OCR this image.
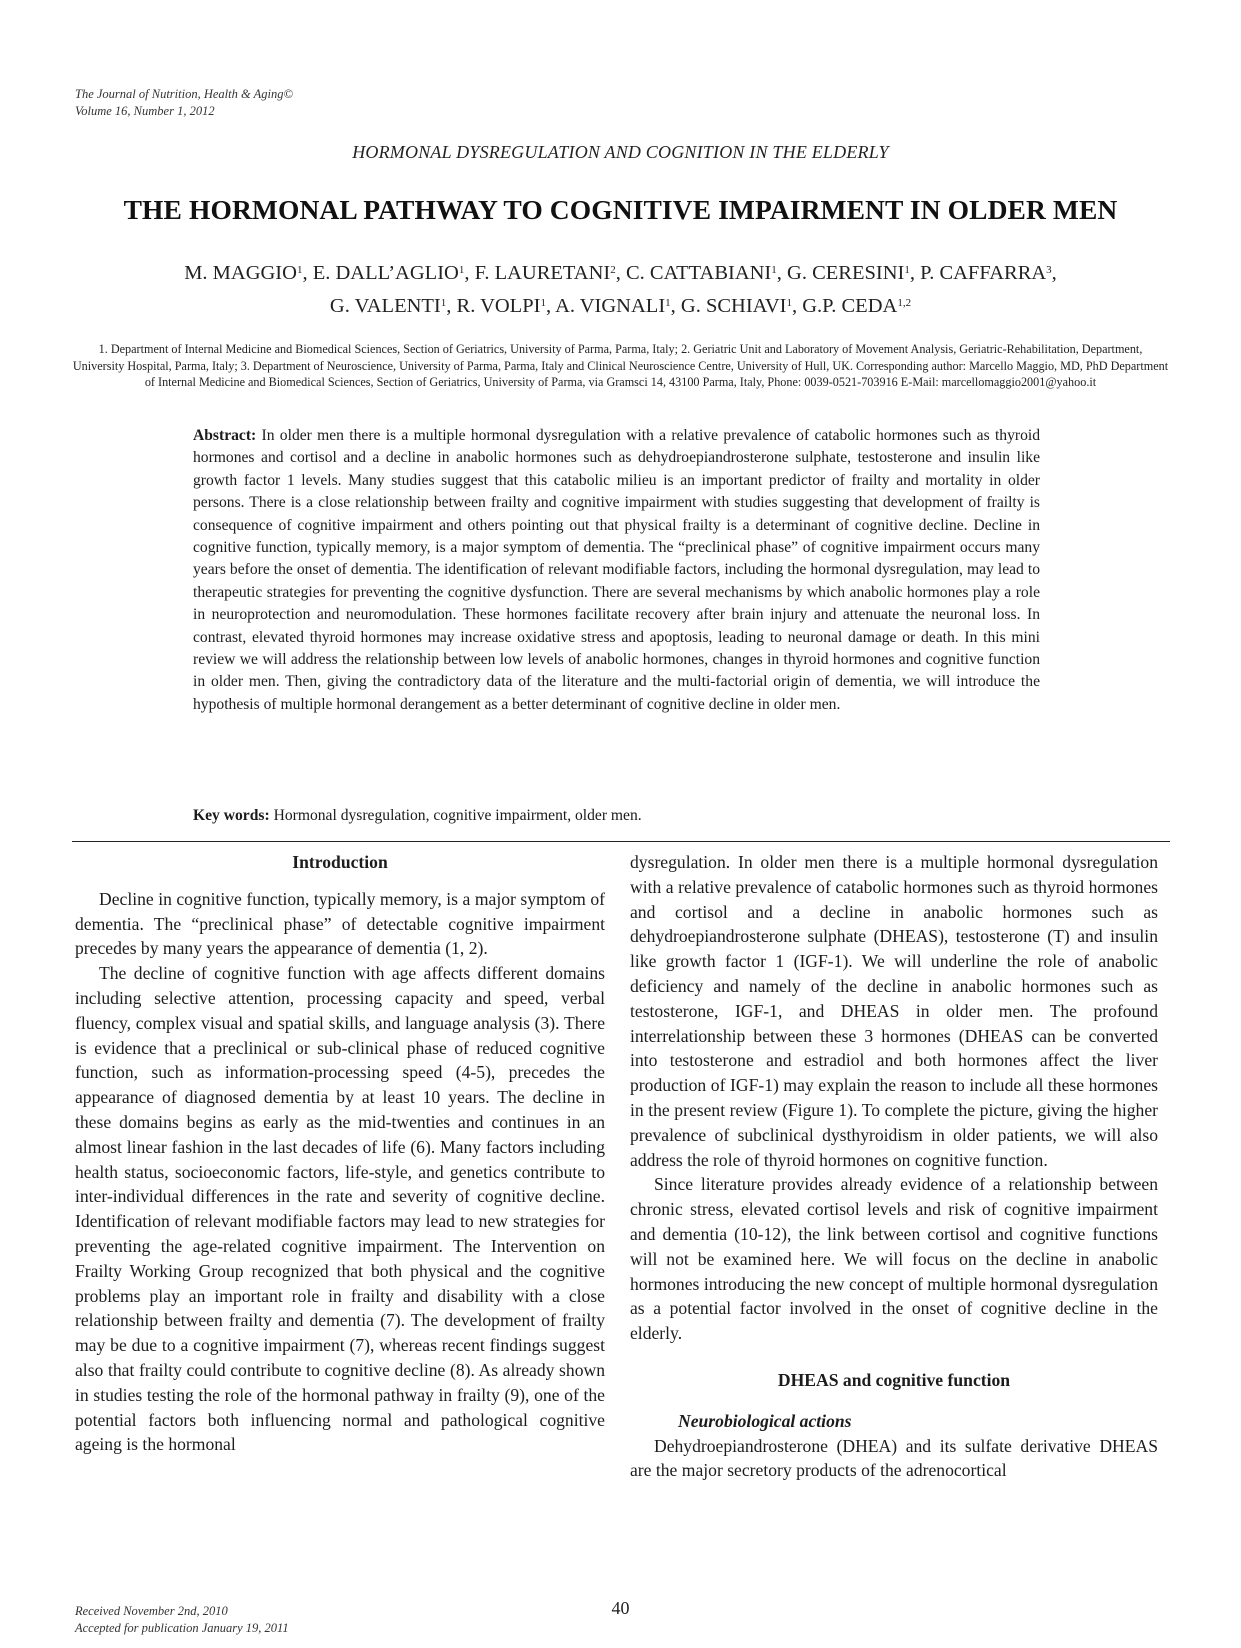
The Journal of Nutrition, Health & Aging©
Volume 16, Number 1, 2012
HORMONAL DYSREGULATION AND COGNITION IN THE ELDERLY
THE HORMONAL PATHWAY TO COGNITIVE IMPAIRMENT IN OLDER MEN
M. MAGGIO$^1$, E. DALL’AGLIO$^1$, F. LAURETANI$^2$, C. CATTABIANI$^1$, G. CERESINI$^1$, P. CAFFARRA$^3$,
G. VALENTI$^1$, R. VOLPI$^1$, A. VIGNALI$^1$, G. SCHIAVI$^1$, G.P. CEDA$^{1,2}$
1. Department of Internal Medicine and Biomedical Sciences, Section of Geriatrics, University of Parma, Parma, Italy; 2. Geriatric Unit and Laboratory of Movement Analysis, Geriatric-Rehabilitation, Department, University Hospital, Parma, Italy; 3. Department of Neuroscience, University of Parma, Parma, Italy and Clinical Neuroscience Centre, University of Hull, UK. Corresponding author: Marcello Maggio, MD, PhD Department of Internal Medicine and Biomedical Sciences, Section of Geriatrics, University of Parma, via Gramsci 14, 43100 Parma, Italy, Phone: 0039-0521-703916 E-Mail: marcellomaggio2001@yahoo.it
Abstract: In older men there is a multiple hormonal dysregulation with a relative prevalence of catabolic hormones such as thyroid hormones and cortisol and a decline in anabolic hormones such as dehydroepiandrosterone sulphate, testosterone and insulin like growth factor 1 levels. Many studies suggest that this catabolic milieu is an important predictor of frailty and mortality in older persons. There is a close relationship between frailty and cognitive impairment with studies suggesting that development of frailty is consequence of cognitive impairment and others pointing out that physical frailty is a determinant of cognitive decline. Decline in cognitive function, typically memory, is a major symptom of dementia. The “preclinical phase” of cognitive impairment occurs many years before the onset of dementia. The identification of relevant modifiable factors, including the hormonal dysregulation, may lead to therapeutic strategies for preventing the cognitive dysfunction. There are several mechanisms by which anabolic hormones play a role in neuroprotection and neuromodulation. These hormones facilitate recovery after brain injury and attenuate the neuronal loss. In contrast, elevated thyroid hormones may increase oxidative stress and apoptosis, leading to neuronal damage or death. In this mini review we will address the relationship between low levels of anabolic hormones, changes in thyroid hormones and cognitive function in older men. Then, giving the contradictory data of the literature and the multi-factorial origin of dementia, we will introduce the hypothesis of multiple hormonal derangement as a better determinant of cognitive decline in older men.
Key words: Hormonal dysregulation, cognitive impairment, older men.
Introduction

Decline in cognitive function, typically memory, is a major symptom of dementia. The “preclinical phase” of detectable cognitive impairment precedes by many years the appearance of dementia (1, 2).

The decline of cognitive function with age affects different domains including selective attention, processing capacity and speed, verbal fluency, complex visual and spatial skills, and language analysis (3). There is evidence that a preclinical or sub-clinical phase of reduced cognitive function, such as information-processing speed (4-5), precedes the appearance of diagnosed dementia by at least 10 years. The decline in these domains begins as early as the mid-twenties and continues in an almost linear fashion in the last decades of life (6). Many factors including health status, socioeconomic factors, life-style, and genetics contribute to inter-individual differences in the rate and severity of cognitive decline. Identification of relevant modifiable factors may lead to new strategies for preventing the age-related cognitive impairment. The Intervention on Frailty Working Group recognized that both physical and the cognitive problems play an important role in frailty and disability with a close relationship between frailty and dementia (7). The development of frailty may be due to a cognitive impairment (7), whereas recent findings suggest also that frailty could contribute to cognitive decline (8). As already shown in studies testing the role of the hormonal pathway in frailty (9), one of the potential factors both influencing normal and pathological cognitive ageing is the hormonal

dysregulation. In older men there is a multiple hormonal dysregulation with a relative prevalence of catabolic hormones such as thyroid hormones and cortisol and a decline in anabolic hormones such as dehydroepiandrosterone sulphate (DHEAS), testosterone (T) and insulin like growth factor 1 (IGF-1). We will underline the role of anabolic deficiency and namely of the decline in anabolic hormones such as testosterone, IGF-1, and DHEAS in older men. The profound interrelationship between these 3 hormones (DHEAS can be converted into testosterone and estradiol and both hormones affect the liver production of IGF-1) may explain the reason to include all these hormones in the present review (Figure 1). To complete the picture, giving the higher prevalence of subclinical dysthyroidism in older patients, we will also address the role of thyroid hormones on cognitive function.

Since literature provides already evidence of a relationship between chronic stress, elevated cortisol levels and risk of cognitive impairment and dementia (10-12), the link between cortisol and cognitive functions will not be examined here. We will focus on the decline in anabolic hormones introducing the new concept of multiple hormonal dysregulation as a potential factor involved in the onset of cognitive decline in the elderly.

DHEAS and cognitive function

Neurobiological actions

Dehydroepiandrosterone (DHEA) and its sulfate derivative DHEAS are the major secretory products of the adrenocortical

Received November 2nd, 2010
Accepted for publication January 19, 2011
40
